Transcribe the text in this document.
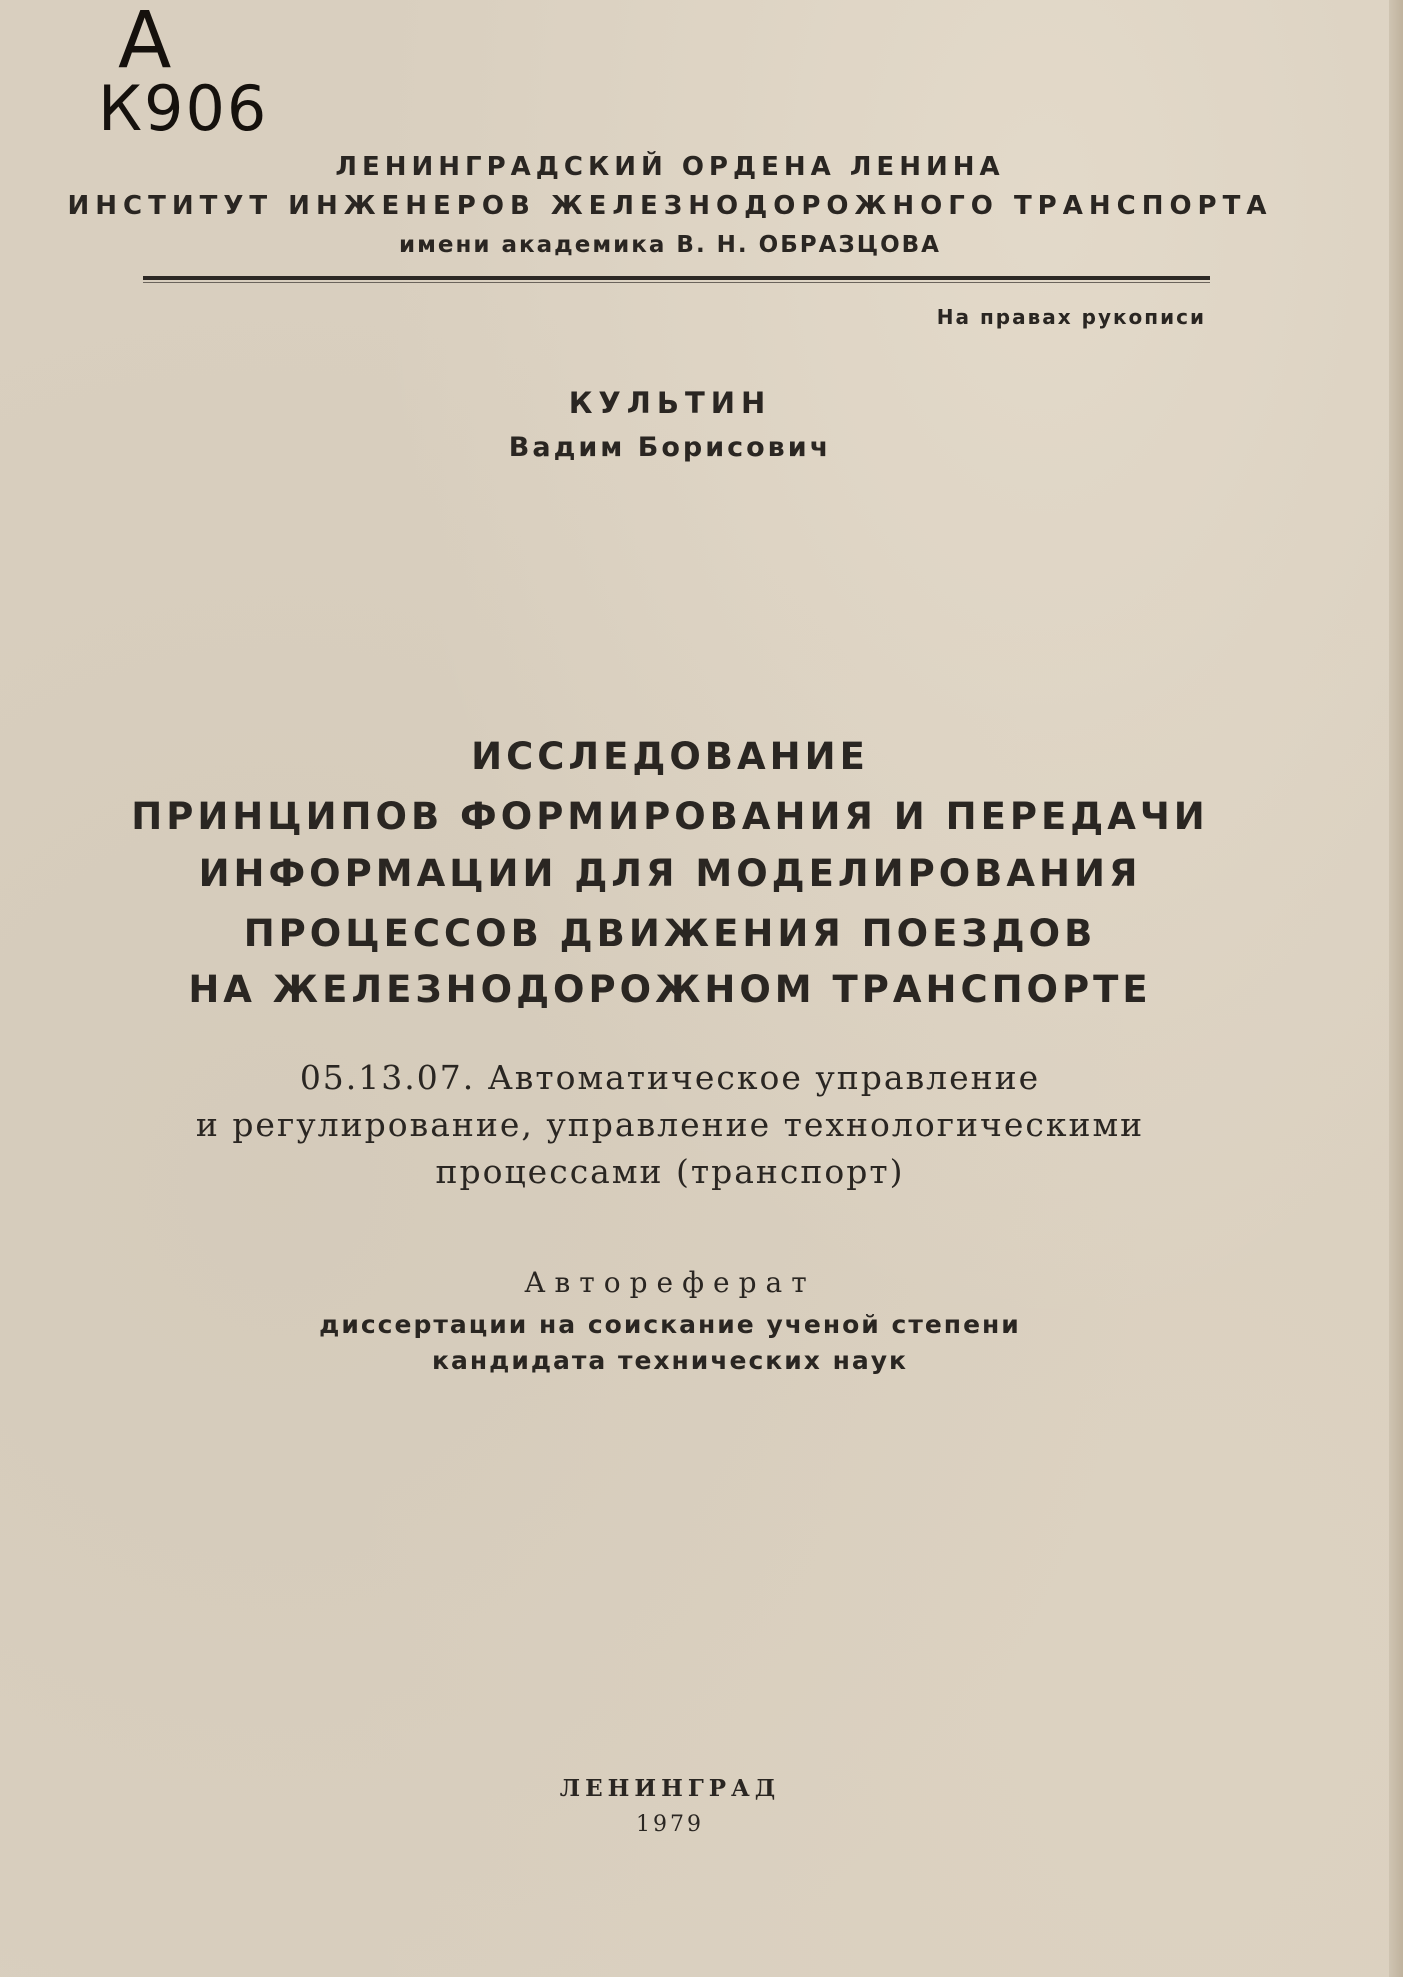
А
К906
ЛЕНИНГРАДСКИЙ ОРДЕНА ЛЕНИНА
ИНСТИТУТ ИНЖЕНЕРОВ ЖЕЛЕЗНОДОРОЖНОГО ТРАНСПОРТА
имени академика В. Н. ОБРАЗЦОВА
На правах рукописи
КУЛЬТИН
Вадим Борисович
ИССЛЕДОВАНИЕ
ПРИНЦИПОВ ФОРМИРОВАНИЯ И ПЕРЕДАЧИ
ИНФОРМАЦИИ ДЛЯ МОДЕЛИРОВАНИЯ
ПРОЦЕССОВ ДВИЖЕНИЯ ПОЕЗДОВ
НА ЖЕЛЕЗНОДОРОЖНОМ ТРАНСПОРТЕ
05.13.07. Автоматическое управление
и регулирование, управление технологическими
процессами (транспорт)
Автореферат
диссертации на соискание ученой степени
кандидата технических наук
ЛЕНИНГРАД
1979
